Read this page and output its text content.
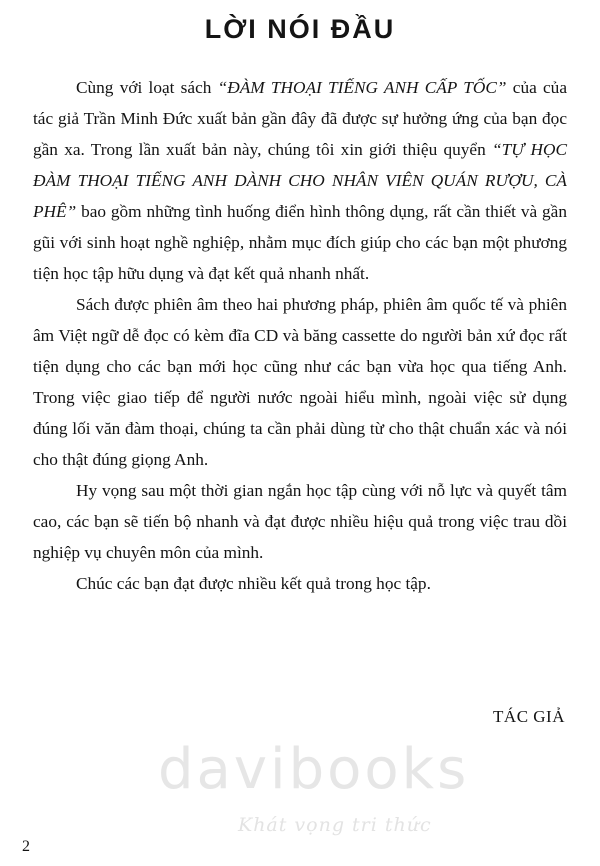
LỜI NÓI ĐẦU

Cùng với loạt sách “ĐÀM THOẠI TIẾNG ANH CẤP TỐC” của của tác giả Trần Minh Đức xuất bản gần đây đã được sự hưởng ứng của bạn đọc gần xa. Trong lần xuất bản này, chúng tôi xin giới thiệu quyển “TỰ HỌC ĐÀM THOẠI TIẾNG ANH DÀNH CHO NHÂN VIÊN QUÁN RƯỢU, CÀ PHÊ” bao gồm những tình huống điển hình thông dụng, rất cần thiết và gần gũi với sinh hoạt nghề nghiệp, nhằm mục đích giúp cho các bạn một phương tiện học tập hữu dụng và đạt kết quả nhanh nhất.

Sách được phiên âm theo hai phương pháp, phiên âm quốc tế và phiên âm Việt ngữ dễ đọc có kèm đĩa CD và băng cassette do người bản xứ đọc rất tiện dụng cho các bạn mới học cũng như các bạn vừa học qua tiếng Anh. Trong việc giao tiếp để người nước ngoài hiểu mình, ngoài việc sử dụng đúng lối văn đàm thoại, chúng ta cần phải dùng từ cho thật chuẩn xác và nói cho thật đúng giọng Anh.

Hy vọng sau một thời gian ngắn học tập cùng với nỗ lực và quyết tâm cao, các bạn sẽ tiến bộ nhanh và đạt được nhiều hiệu quả trong việc trau dồi nghiệp vụ chuyên môn của mình.

Chúc các bạn đạt được nhiều kết quả trong học tập.

TÁC GIẢ
davibooks
Khát vọng tri thức
2
